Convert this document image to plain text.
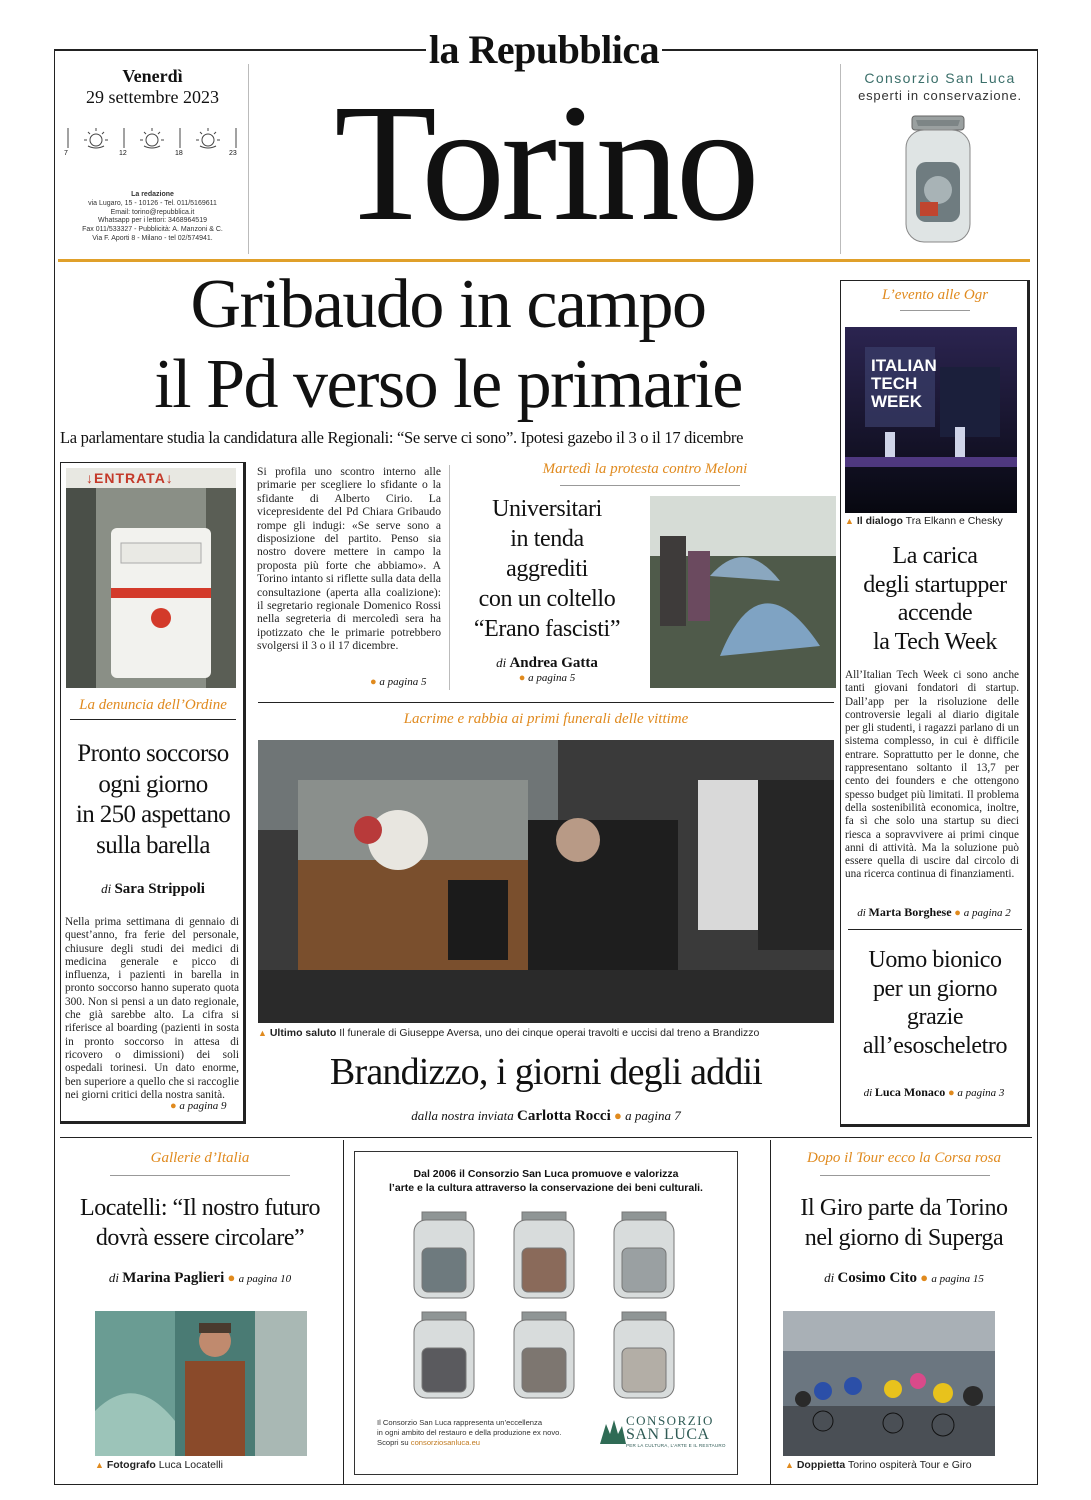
la Repubblica
Venerdì
29 settembre 2023
7	12	18	23
La redazione
via Lugaro, 15 - 10126 - Tel. 011/5169611
Email: torino@repubblica.it
Whatsapp per i lettori: 3468964519
Fax 011/533327 - Pubblicità: A. Manzoni & C.
Via F. Aporti 8 - Milano - tel 02/574941. Torino	Consorzio San Luca
esperti in conservazione.
Gribaudo in campo
il Pd verso le primarie
La parlamentare studia la candidatura alle Regionali: “Se serve ci sono”. Ipotesi gazebo il 3 o il 17 dicembre
L’evento alle Ogr
ITALIAN
TECH
WEEK
▲ Il dialogo Tra Elkann e Chesky
La carica
degli startupper
accende
la Tech Week
All’Italian Tech Week ci sono anche tanti giovani fondatori di startup. Dall’app per la risoluzione delle controversie legali al diario digitale per gli studenti, i ragazzi parlano di un sistema complesso, in cui è difficile entrare. Soprattutto per le donne, che rappresentano soltanto il 13,7 per cento dei founders e che ottengono spesso budget più limitati. Il problema della sostenibilità economica, inoltre, fa sì che solo una startup su dieci riesca a sopravvivere ai primi cinque anni di attività. Ma la soluzione può essere quella di uscire dal circolo di una ricerca continua di finanziamenti.
di Marta Borghese ● a pagina 2
Uomo bionico
per un giorno
grazie
all’esoscheletro
di Luca Monaco ● a pagina 3
↓ENTRATA↓
La denuncia dell’Ordine
Pronto soccorso
ogni giorno
in 250 aspettano
sulla barella
di Sara Strippoli
Nella prima settimana di gennaio di quest’anno, fra ferie del personale, chiusure degli studi dei medici di medicina generale e picco di influenza, i pazienti in barella in pronto soccorso hanno superato quota 300. Non si pensi a un dato regionale, che già sarebbe alto. La cifra si riferisce al boarding (pazienti in sosta in pronto soccorso in attesa di ricovero o dimissioni) dei soli ospedali torinesi. Un dato enorme, ben superiore a quello che si raccoglie nei giorni critici della nostra sanità.
● a pagina 9
Si profila uno scontro interno alle primarie per scegliere lo sfidante o la sfidante di Alberto Cirio. La vicepresidente del Pd Chiara Gribaudo rompe gli indugi: «Se serve sono a disposizione del partito. Penso sia nostro dovere mettere in campo la proposta più forte che abbiamo». A Torino intanto si riflette sulla data della consultazione (aperta alla coalizione): il segretario regionale Domenico Rossi nella segreteria di mercoledì sera ha ipotizzato che le primarie potrebbero svolgersi il 3 o il 17 dicembre.
● a pagina 5
Martedì la protesta contro Meloni
Universitari
in tenda
aggrediti
con un coltello
“Erano fascisti”
di Andrea Gatta
● a pagina 5
Lacrime e rabbia ai primi funerali delle vittime
▲ Ultimo saluto Il funerale di Giuseppe Aversa, uno dei cinque operai travolti e uccisi dal treno a Brandizzo
Brandizzo, i giorni degli addii
dalla nostra inviata Carlotta Rocci ● a pagina 7
Gallerie d’Italia
Locatelli: “Il nostro futuro
dovrà essere circolare”
di Marina Paglieri ● a pagina 10
▲ Fotografo Luca Locatelli
Dal 2006 il Consorzio San Luca promuove e valorizza
l’arte e la cultura attraverso la conservazione dei beni culturali.
Il Consorzio San Luca rappresenta un’eccellenza
in ogni ambito del restauro e della produzione ex novo.
Scopri su consorziosanluca.eu
CONSORZIO
SAN LUCA
PER LA CULTURA, L’ARTE E IL RESTAURO
Dopo il Tour ecco la Corsa rosa
Il Giro parte da Torino
nel giorno di Superga
di Cosimo Cito ● a pagina 15
▲ Doppietta Torino ospiterà Tour e Giro
